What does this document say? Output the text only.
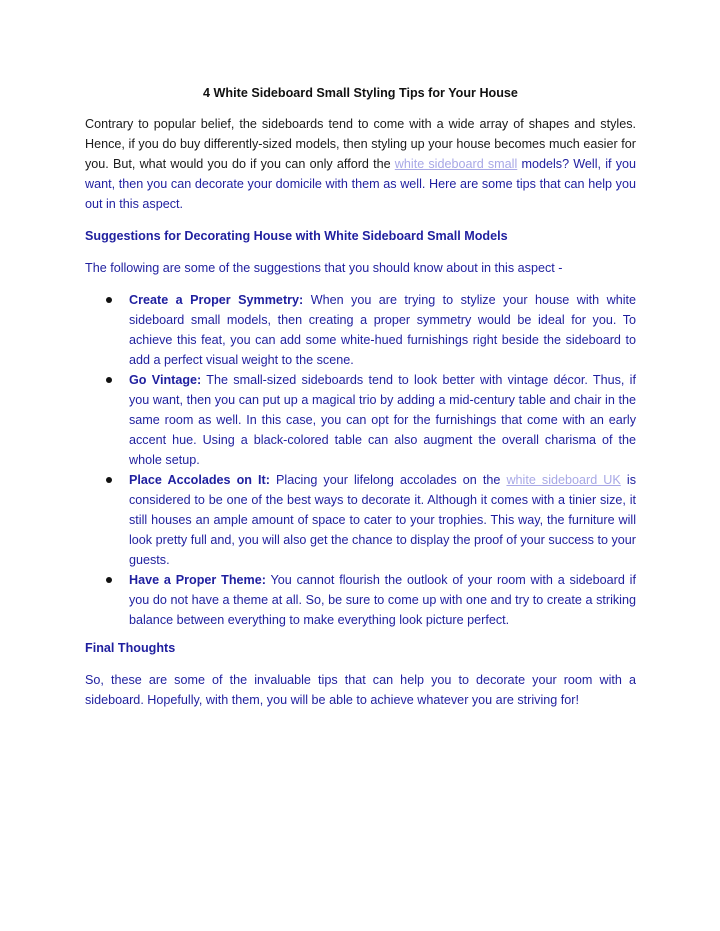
4 White Sideboard Small Styling Tips for Your House

Contrary to popular belief, the sideboards tend to come with a wide array of shapes and styles. Hence, if you do buy differently-sized models, then styling up your house becomes much easier for you. But, what would you do if you can only afford the white sideboard small models? Well, if you want, then you can decorate your domicile with them as well. Here are some tips that can help you out in this aspect.

Suggestions for Decorating House with White Sideboard Small Models

The following are some of the suggestions that you should know about in this aspect -

Create a Proper Symmetry: When you are trying to stylize your house with white sideboard small models, then creating a proper symmetry would be ideal for you. To achieve this feat, you can add some white-hued furnishings right beside the sideboard to add a perfect visual weight to the scene.
Go Vintage: The small-sized sideboards tend to look better with vintage décor. Thus, if you want, then you can put up a magical trio by adding a mid-century table and chair in the same room as well. In this case, you can opt for the furnishings that come with an early accent hue. Using a black-colored table can also augment the overall charisma of the whole setup.
Place Accolades on It: Placing your lifelong accolades on the white sideboard UK is considered to be one of the best ways to decorate it. Although it comes with a tinier size, it still houses an ample amount of space to cater to your trophies. This way, the furniture will look pretty full and, you will also get the chance to display the proof of your success to your guests.
Have a Proper Theme: You cannot flourish the outlook of your room with a sideboard if you do not have a theme at all. So, be sure to come up with one and try to create a striking balance between everything to make everything look picture perfect.
Final Thoughts

So, these are some of the invaluable tips that can help you to decorate your room with a sideboard. Hopefully, with them, you will be able to achieve whatever you are striving for!
